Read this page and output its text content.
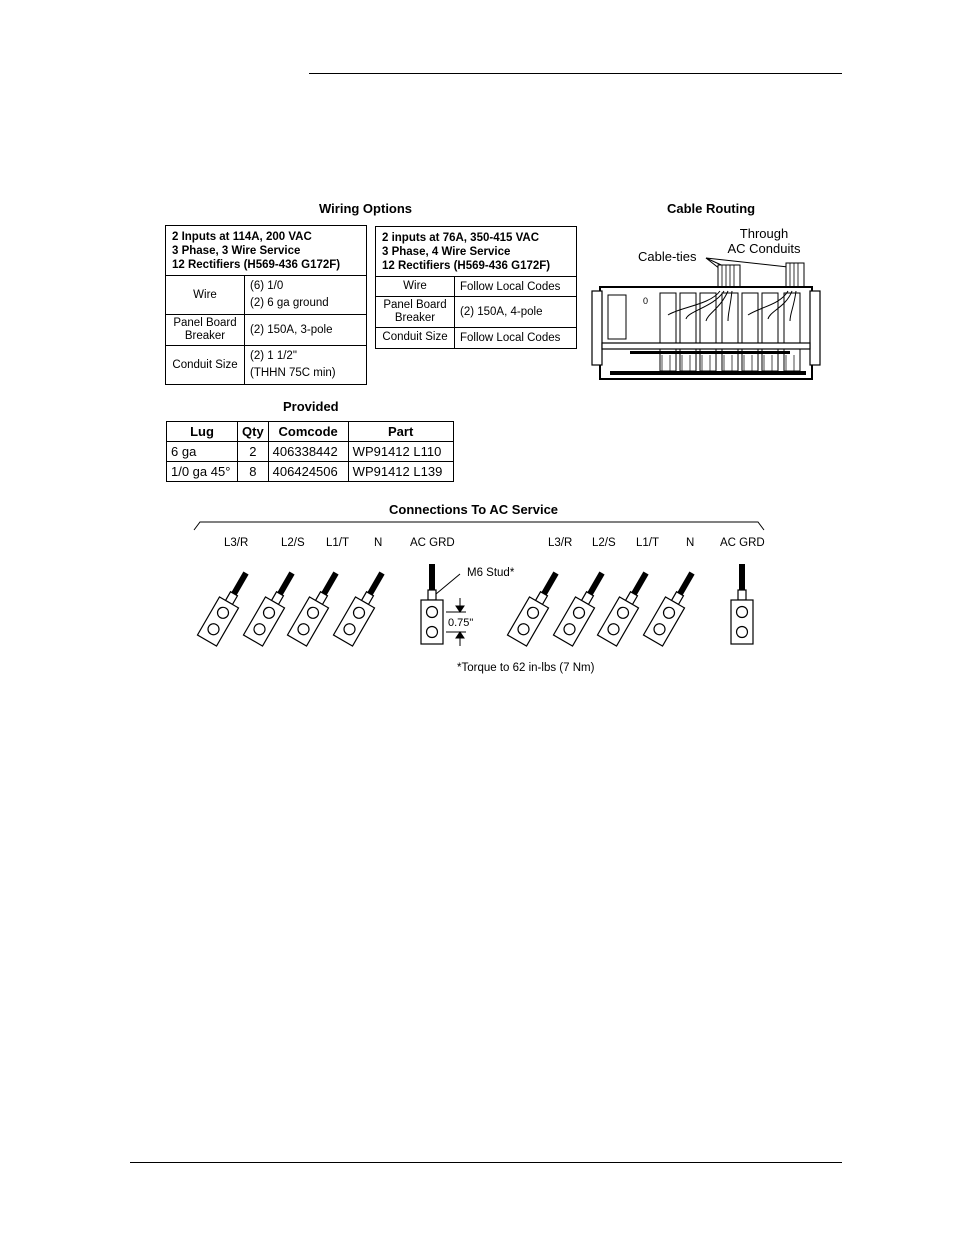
Wiring Options
2 Inputs at 114A, 200 VAC
3 Phase, 3 Wire Service
12 Rectifiers (H569-436 G172F)	

Wire	(6) 1/0
(2) 6 ga ground

Panel Board
Breaker	(2) 150A, 3-pole
Conduit Size	(2) 1 1/2"
(THHN 75C min)
2 inputs at 76A, 350-415 VAC
3 Phase, 4 Wire Service
12 Rectifiers (H569-436 G172F)	

Wire	Follow Local Codes

Panel Board
Breaker	(2) 150A, 4-pole
Conduit Size	Follow Local Codes
Cable Routing
Through
AC Conduits
Cable-ties
0
Provided
Lug	Qty	Comcode	Part
6 ga	2	406338442	WP91412 L110
1/0 ga 45°	8	406424506	WP91412 L139
Connections To AC Service
L3/R	L2/S L1/T N AC GRD	L3/R L2/S L1/T N AC GRD
M6 Stud*
0.75"
*Torque to 62 in-lbs (7 Nm)
